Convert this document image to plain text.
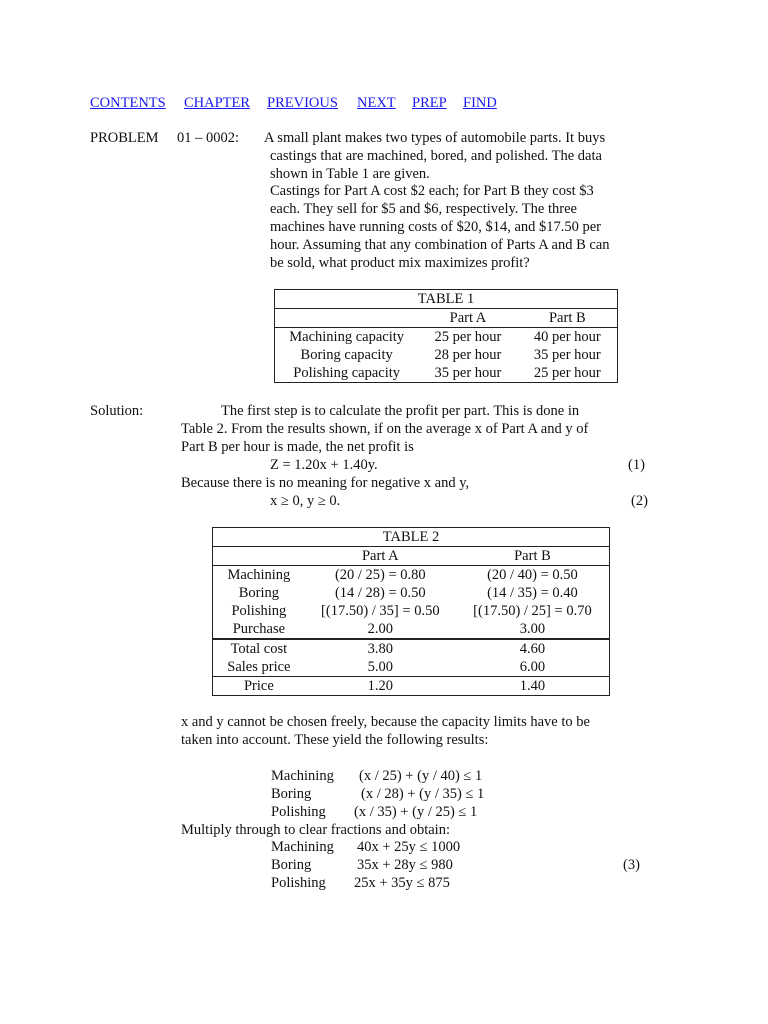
CONTENTS CHAPTER PREVIOUS NEXT PREP FIND
PROBLEM 01 – 0002: A small plant makes two types of automobile parts. It buys
castings that are machined, bored, and polished. The data
shown in Table 1 are given.
Castings for Part A cost $2 each; for Part B they cost $3
each. They sell for $5 and $6, respectively. The three
machines have running costs of $20, $14, and $17.50 per
hour. Assuming that any combination of Parts A and B can
be sold, what product mix maximizes profit?
TABLE 1		
	Part A	Part B
Machining capacity	25 per hour	40 per hour
Boring capacity	28 per hour	35 per hour
Polishing capacity	35 per hour	25 per hour
Solution:	The first step is to calculate the profit per part. This is done in
Table 2. From the results shown, if on the average x of Part A and y of
Part B per hour is made, the net profit is
Z = 1.20x + 1.40y.	(1)
Because there is no meaning for negative x and y,
x ≥ 0, y ≥ 0.	(2)
TABLE 2		
	Part A	Part B
Machining	(20 / 25) = 0.80	(20 / 40) = 0.50
Boring	(14 / 28) = 0.50	(14 / 35) = 0.40
Polishing	[(17.50) / 35] = 0.50	[(17.50) / 25] = 0.70
Purchase	2.00	3.00
Total cost	3.80	4.60
Sales price	5.00	6.00
Price	1.20	1.40
x and y cannot be chosen freely, because the capacity limits have to be
taken into account. These yield the following results:
Machining (x / 25) + (y / 40) ≤ 1
Boring	(x / 28) + (y / 35) ≤ 1
Polishing (x / 35) + (y / 25) ≤ 1
Multiply through to clear fractions and obtain:
Machining 40x + 25y ≤ 1000
Boring	35x + 28y ≤ 980	(3)
Polishing 25x + 35y ≤ 875
